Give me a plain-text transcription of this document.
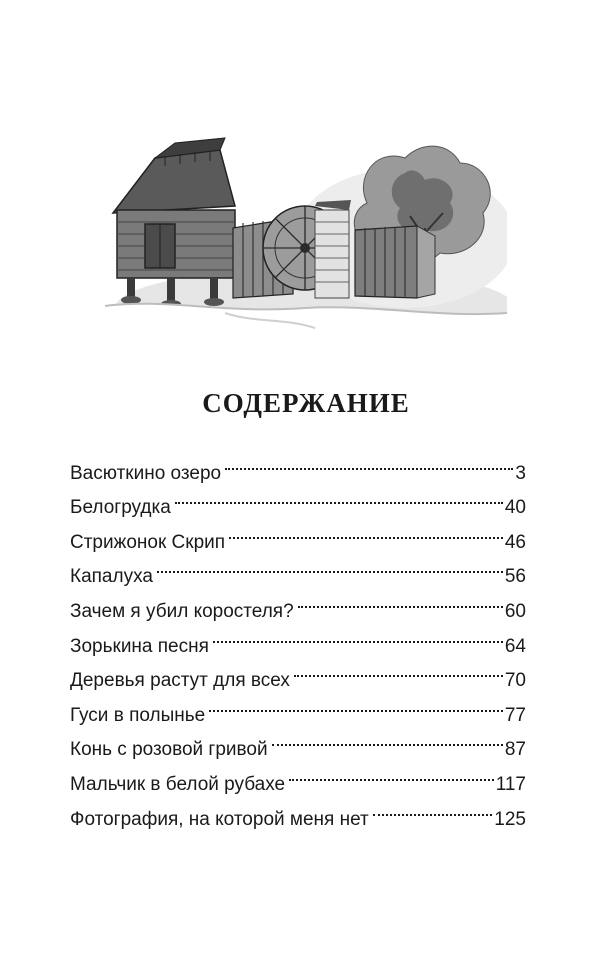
СОДЕРЖАНИЕ
Васюткино озеро	3
Белогрудка	40
Стрижонок Скрип	46
Капалуха	56
Зачем я убил коростеля?	60
Зорькина песня	64
Деревья растут для всех	70
Гуси в полынье	77
Конь с розовой гривой	87
Мальчик в белой рубахе	117
Фотография, на которой меня нет	125
